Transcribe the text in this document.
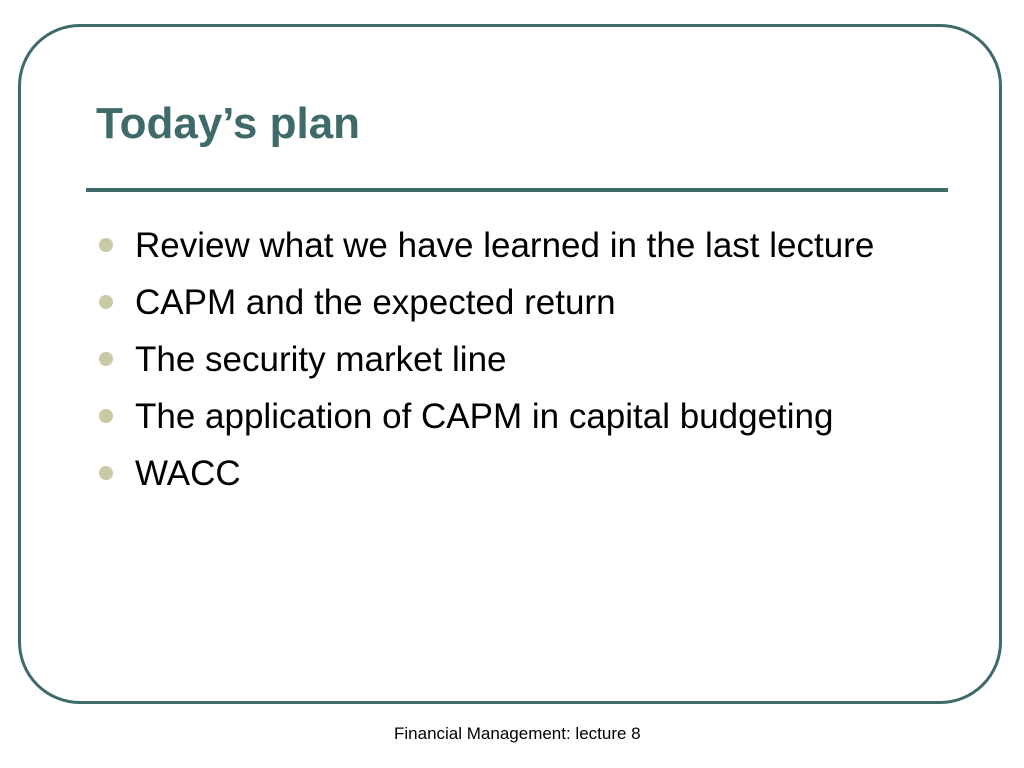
Today’s plan
Review what we have learned in the last lecture
CAPM and the expected return
The security market line
The application of CAPM in capital budgeting
WACC
Financial Management: lecture 8
